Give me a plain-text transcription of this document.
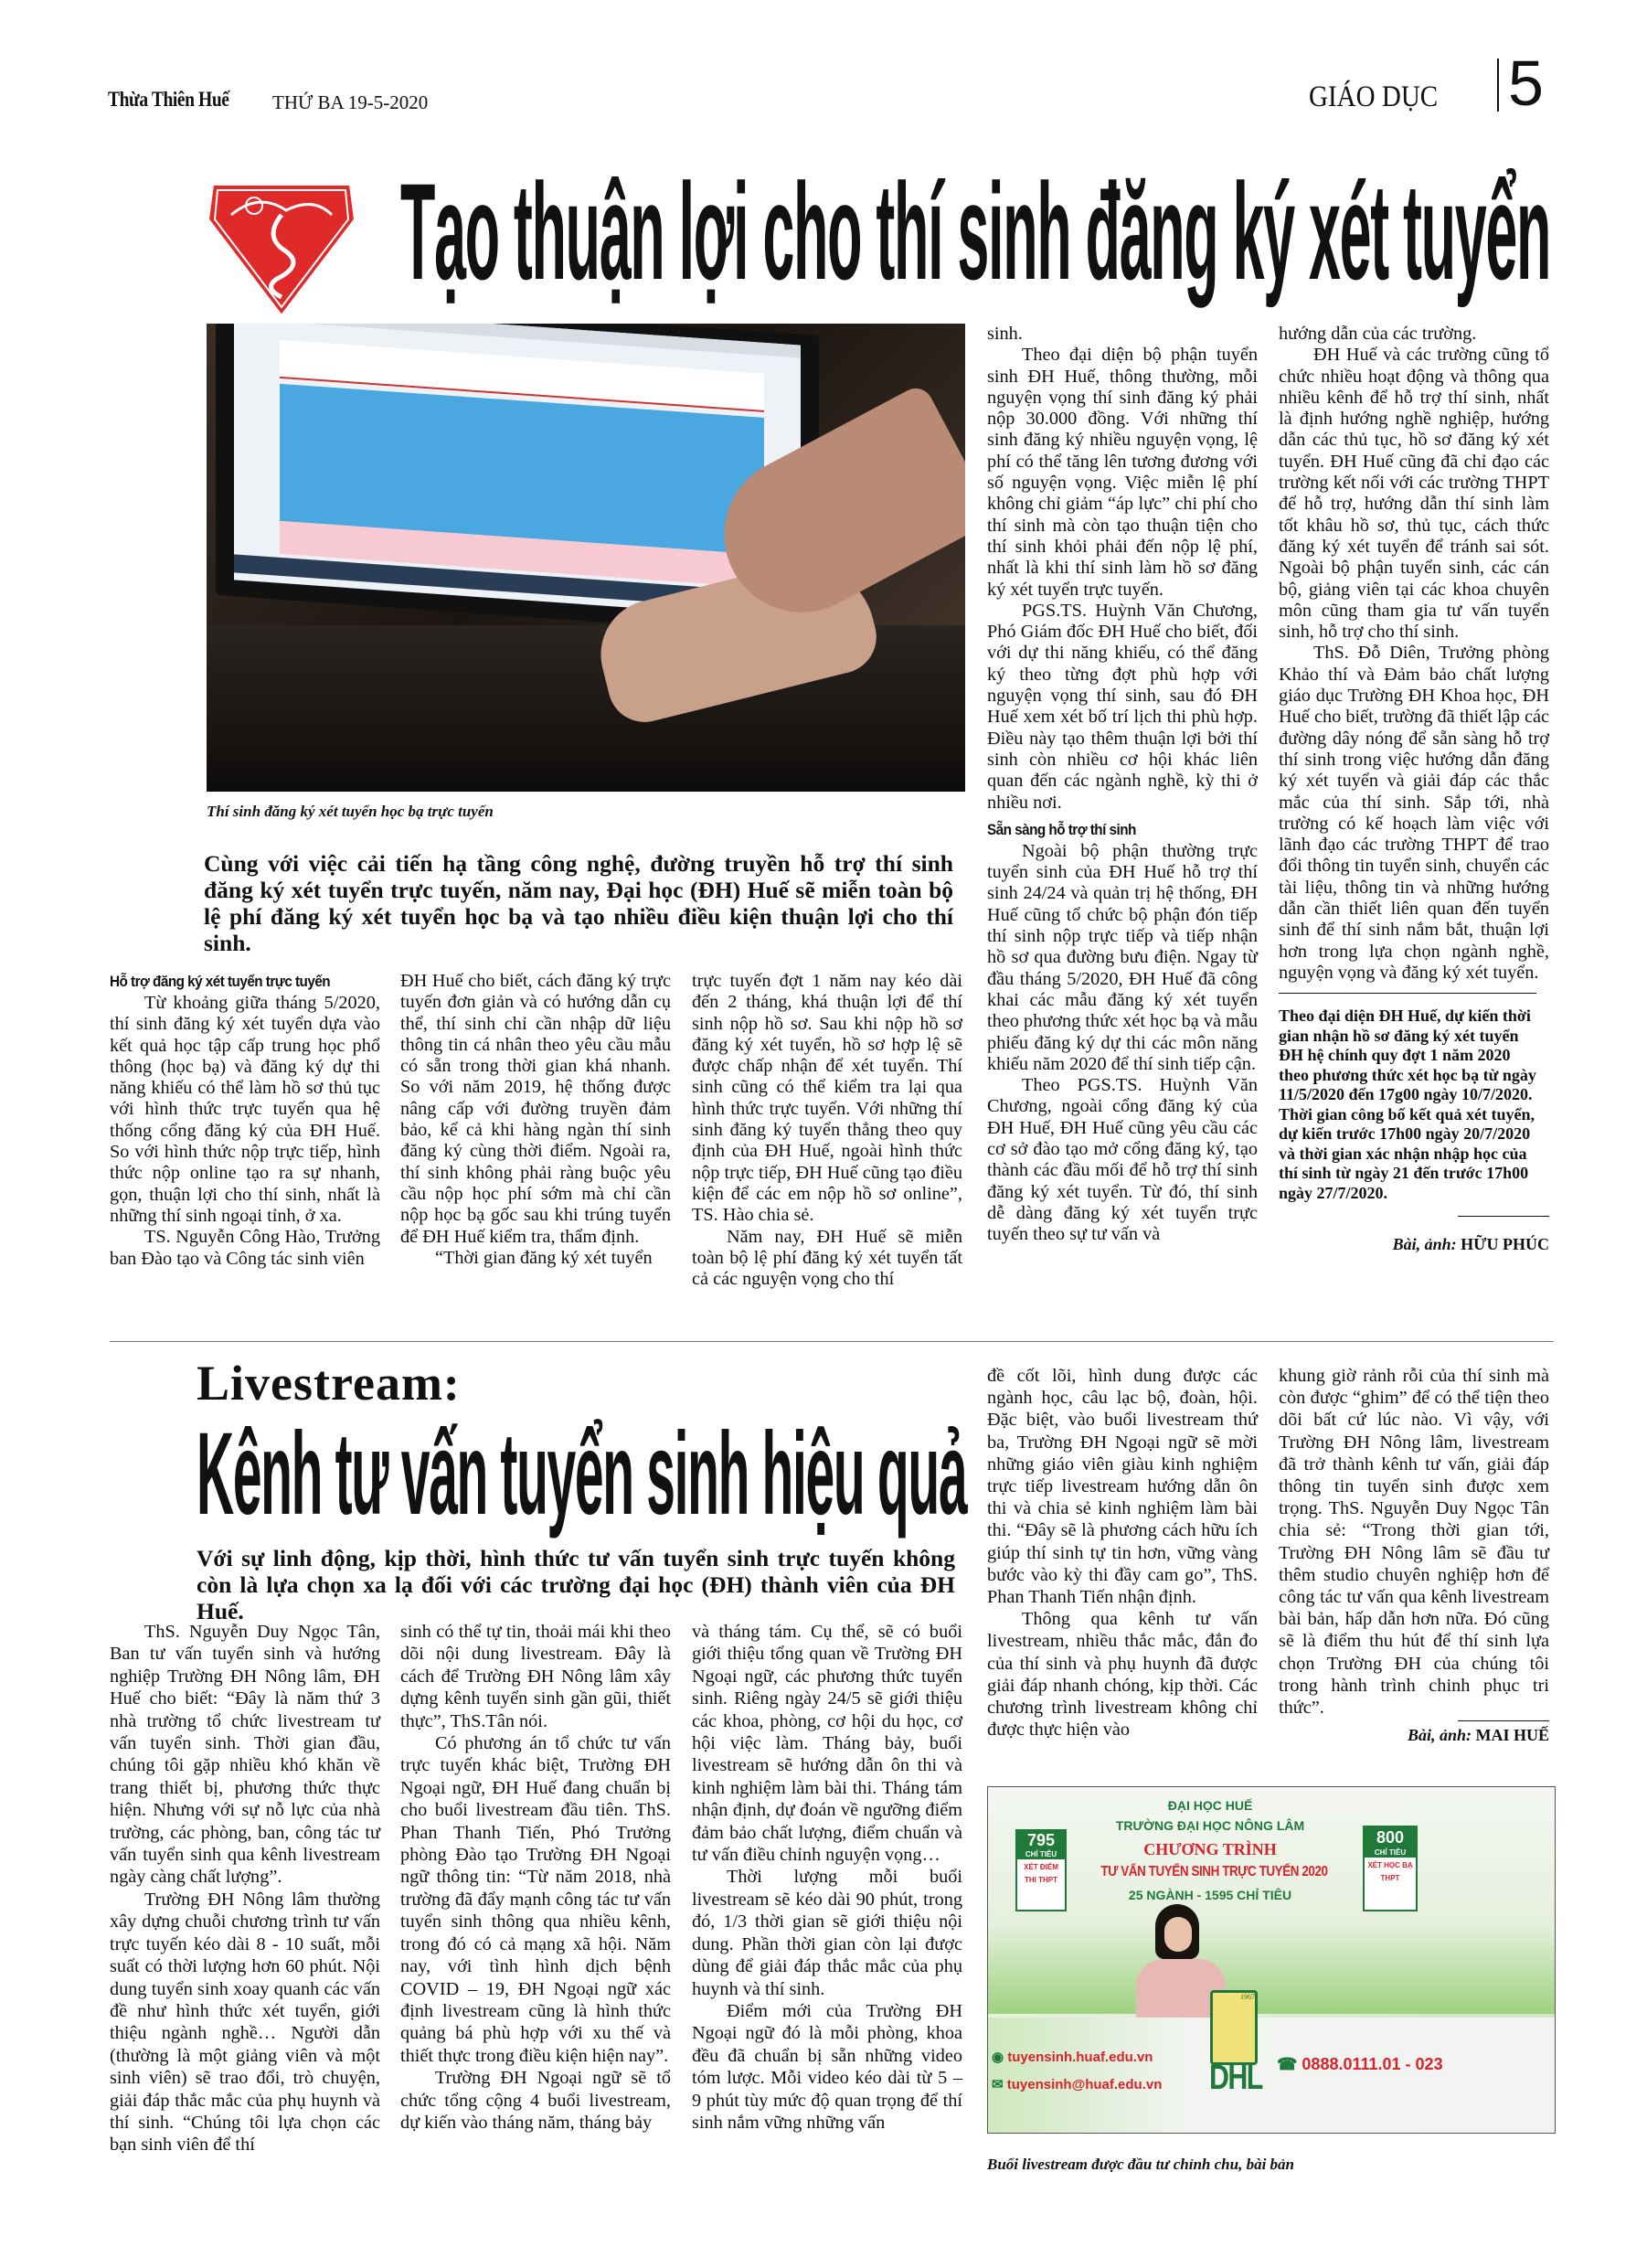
Thừa Thiên Huế THỨ BA 19-5-2020	GIÁO DỤC 5
Tạo thuận lợi cho thí sinh đăng ký xét tuyển
Thí sinh đăng ký xét tuyển học bạ trực tuyến
Cùng với việc cải tiến hạ tầng công nghệ, đường truyền hỗ trợ thí sinh đăng ký xét tuyển trực tuyến, năm nay, Đại học (ĐH) Huế sẽ miễn toàn bộ lệ phí đăng ký xét tuyển học bạ và tạo nhiều điều kiện thuận lợi cho thí sinh.
Hỗ trợ đăng ký xét tuyển trực tuyến

Từ khoảng giữa tháng 5/2020, thí sinh đăng ký xét tuyển dựa vào kết quả học tập cấp trung học phổ thông (học bạ) và đăng ký dự thi năng khiếu có thể làm hồ sơ thủ tục với hình thức trực tuyến qua hệ thống cổng đăng ký của ĐH Huế. So với hình thức nộp trực tiếp, hình thức nộp online tạo ra sự nhanh, gọn, thuận lợi cho thí sinh, nhất là những thí sinh ngoại tỉnh, ở xa.

TS. Nguyễn Công Hào, Trưởng ban Đào tạo và Công tác sinh viên

ĐH Huế cho biết, cách đăng ký trực tuyến đơn giản và có hướng dẫn cụ thể, thí sinh chỉ cần nhập dữ liệu thông tin cá nhân theo yêu cầu mẫu có sẵn trong thời gian khá nhanh. So với năm 2019, hệ thống được nâng cấp với đường truyền đảm bảo, kể cả khi hàng ngàn thí sinh đăng ký cùng thời điểm. Ngoài ra, thí sinh không phải ràng buộc yêu cầu nộp học phí sớm mà chỉ cần nộp học bạ gốc sau khi trúng tuyển để ĐH Huế kiểm tra, thẩm định.

“Thời gian đăng ký xét tuyển

trực tuyến đợt 1 năm nay kéo dài đến 2 tháng, khá thuận lợi để thí sinh nộp hồ sơ. Sau khi nộp hồ sơ đăng ký xét tuyển, hồ sơ hợp lệ sẽ được chấp nhận để xét tuyển. Thí sinh cũng có thể kiểm tra lại qua hình thức trực tuyến. Với những thí sinh đăng ký tuyển thẳng theo quy định của ĐH Huế, ngoài hình thức nộp trực tiếp, ĐH Huế cũng tạo điều kiện để các em nộp hồ sơ online”, TS. Hào chia sẻ.

Năm nay, ĐH Huế sẽ miễn toàn bộ lệ phí đăng ký xét tuyển tất cả các nguyện vọng cho thí

sinh.

Theo đại diện bộ phận tuyển sinh ĐH Huế, thông thường, mỗi nguyện vọng thí sinh đăng ký phải nộp 30.000 đồng. Với những thí sinh đăng ký nhiều nguyện vọng, lệ phí có thể tăng lên tương đương với số nguyện vọng. Việc miễn lệ phí không chỉ giảm “áp lực” chi phí cho thí sinh mà còn tạo thuận tiện cho thí sinh khỏi phải đến nộp lệ phí, nhất là khi thí sinh làm hồ sơ đăng ký xét tuyển trực tuyến.

PGS.TS. Huỳnh Văn Chương, Phó Giám đốc ĐH Huế cho biết, đối với dự thi năng khiếu, có thể đăng ký theo từng đợt phù hợp với nguyện vọng thí sinh, sau đó ĐH Huế xem xét bố trí lịch thi phù hợp. Điều này tạo thêm thuận lợi bởi thí sinh còn nhiều cơ hội khác liên quan đến các ngành nghề, kỳ thi ở nhiều nơi.

Sẵn sàng hỗ trợ thí sinh

Ngoài bộ phận thường trực tuyển sinh của ĐH Huế hỗ trợ thí sinh 24/24 và quản trị hệ thống, ĐH Huế cũng tổ chức bộ phận đón tiếp thí sinh nộp trực tiếp và tiếp nhận hồ sơ qua đường bưu điện. Ngay từ đầu tháng 5/2020, ĐH Huế đã công khai các mẫu đăng ký xét tuyển theo phương thức xét học bạ và mẫu phiếu đăng ký dự thi các môn năng khiếu năm 2020 để thí sinh tiếp cận.

Theo PGS.TS. Huỳnh Văn Chương, ngoài cổng đăng ký của ĐH Huế, ĐH Huế cũng yêu cầu các cơ sở đào tạo mở cổng đăng ký, tạo thành các đầu mối để hỗ trợ thí sinh đăng ký xét tuyển. Từ đó, thí sinh dễ dàng đăng ký xét tuyển trực tuyến theo sự tư vấn và

hướng dẫn của các trường.

ĐH Huế và các trường cũng tổ chức nhiều hoạt động và thông qua nhiều kênh để hỗ trợ thí sinh, nhất là định hướng nghề nghiệp, hướng dẫn các thủ tục, hồ sơ đăng ký xét tuyển. ĐH Huế cũng đã chỉ đạo các trường kết nối với các trường THPT để hỗ trợ, hướng dẫn thí sinh làm tốt khâu hồ sơ, thủ tục, cách thức đăng ký xét tuyển để tránh sai sót. Ngoài bộ phận tuyển sinh, các cán bộ, giảng viên tại các khoa chuyên môn cũng tham gia tư vấn tuyển sinh, hỗ trợ cho thí sinh.

ThS. Đỗ Diên, Trưởng phòng Khảo thí và Đảm bảo chất lượng giáo dục Trường ĐH Khoa học, ĐH Huế cho biết, trường đã thiết lập các đường dây nóng để sẵn sàng hỗ trợ thí sinh trong việc hướng dẫn đăng ký xét tuyển và giải đáp các thắc mắc của thí sinh. Sắp tới, nhà trường có kế hoạch làm việc với lãnh đạo các trường THPT để trao đổi thông tin tuyển sinh, chuyển các tài liệu, thông tin và những hướng dẫn cần thiết liên quan đến tuyển sinh để thí sinh nắm bắt, thuận lợi hơn trong lựa chọn ngành nghề, nguyện vọng và đăng ký xét tuyển.

Theo đại diện ĐH Huế, dự kiến thời gian nhận hồ sơ đăng ký xét tuyển ĐH hệ chính quy đợt 1 năm 2020 theo phương thức xét học bạ từ ngày 11/5/2020 đến 17g00 ngày 10/7/2020. Thời gian công bố kết quả xét tuyển, dự kiến trước 17h00 ngày 20/7/2020 và thời gian xác nhận nhập học của thí sinh từ ngày 21 đến trước 17h00 ngày 27/7/2020.
Bài, ảnh: HỮU PHÚC
Livestream:
Kênh tư vấn tuyển sinh hiệu quả
Với sự linh động, kịp thời, hình thức tư vấn tuyển sinh trực tuyến không còn là lựa chọn xa lạ đối với các trường đại học (ĐH) thành viên của ĐH Huế.

ThS. Nguyễn Duy Ngọc Tân, Ban tư vấn tuyển sinh và hướng nghiệp Trường ĐH Nông lâm, ĐH Huế cho biết: “Đây là năm thứ 3 nhà trường tổ chức livestream tư vấn tuyển sinh. Thời gian đầu, chúng tôi gặp nhiều khó khăn về trang thiết bị, phương thức thực hiện. Nhưng với sự nỗ lực của nhà trường, các phòng, ban, công tác tư vấn tuyển sinh qua kênh livestream ngày càng chất lượng”.

Trường ĐH Nông lâm thường xây dựng chuỗi chương trình tư vấn trực tuyến kéo dài 8 - 10 suất, mỗi suất có thời lượng hơn 60 phút. Nội dung tuyển sinh xoay quanh các vấn đề như hình thức xét tuyển, giới thiệu ngành nghề… Người dẫn (thường là một giảng viên và một sinh viên) sẽ trao đổi, trò chuyện, giải đáp thắc mắc của phụ huynh và thí sinh. “Chúng tôi lựa chọn các bạn sinh viên để thí

sinh có thể tự tin, thoải mái khi theo dõi nội dung livestream. Đây là cách để Trường ĐH Nông lâm xây dựng kênh tuyển sinh gần gũi, thiết thực”, ThS.Tân nói.

Có phương án tổ chức tư vấn trực tuyến khác biệt, Trường ĐH Ngoại ngữ, ĐH Huế đang chuẩn bị cho buổi livestream đầu tiên. ThS. Phan Thanh Tiến, Phó Trưởng phòng Đào tạo Trường ĐH Ngoại ngữ thông tin: “Từ năm 2018, nhà trường đã đẩy mạnh công tác tư vấn tuyển sinh thông qua nhiều kênh, trong đó có cả mạng xã hội. Năm nay, với tình hình dịch bệnh COVID – 19, ĐH Ngoại ngữ xác định livestream cũng là hình thức quảng bá phù hợp với xu thế và thiết thực trong điều kiện hiện nay”.

Trường ĐH Ngoại ngữ sẽ tổ chức tổng cộng 4 buổi livestream, dự kiến vào tháng năm, tháng bảy

và tháng tám. Cụ thể, sẽ có buổi giới thiệu tổng quan về Trường ĐH Ngoại ngữ, các phương thức tuyển sinh. Riêng ngày 24/5 sẽ giới thiệu các khoa, phòng, cơ hội du học, cơ hội việc làm. Tháng bảy, buổi livestream sẽ hướng dẫn ôn thi và kinh nghiệm làm bài thi. Tháng tám nhận định, dự đoán về ngưỡng điểm đảm bảo chất lượng, điểm chuẩn và tư vấn điều chỉnh nguyện vọng…

Thời lượng mỗi buổi livestream sẽ kéo dài 90 phút, trong đó, 1/3 thời gian sẽ giới thiệu nội dung. Phần thời gian còn lại được dùng để giải đáp thắc mắc của phụ huynh và thí sinh.

Điểm mới của Trường ĐH Ngoại ngữ đó là mỗi phòng, khoa đều đã chuẩn bị sẵn những video tóm lược. Mỗi video kéo dài từ 5 – 9 phút tùy mức độ quan trọng để thí sinh nắm vững những vấn

đề cốt lõi, hình dung được các ngành học, câu lạc bộ, đoàn, hội. Đặc biệt, vào buổi livestream thứ ba, Trường ĐH Ngoại ngữ sẽ mời những giáo viên giàu kinh nghiệm trực tiếp livestream hướng dẫn ôn thi và chia sẻ kinh nghiệm làm bài thi. “Đây sẽ là phương cách hữu ích giúp thí sinh tự tin hơn, vững vàng bước vào kỳ thi đầy cam go”, ThS. Phan Thanh Tiến nhận định.

Thông qua kênh tư vấn livestream, nhiều thắc mắc, đắn đo của thí sinh và phụ huynh đã được giải đáp nhanh chóng, kịp thời. Các chương trình livestream không chỉ được thực hiện vào

khung giờ rảnh rỗi của thí sinh mà còn được “ghim” để có thể tiện theo dõi bất cứ lúc nào. Vì vậy, với Trường ĐH Nông lâm, livestream đã trở thành kênh tư vấn, giải đáp thông tin tuyển sinh được xem trọng. ThS. Nguyễn Duy Ngọc Tân chia sẻ: “Trong thời gian tới, Trường ĐH Nông lâm sẽ đầu tư thêm studio chuyên nghiệp hơn để công tác tư vấn qua kênh livestream bài bản, hấp dẫn hơn nữa. Đó cũng sẽ là điểm thu hút để thí sinh lựa chọn Trường ĐH của chúng tôi trong hành trình chinh phục tri thức”.

Bài, ảnh: MAI HUẾ
ĐẠI HỌC HUẾ
TRƯỜNG ĐẠI HỌC NÔNG LÂM
CHƯƠNG TRÌNH
TƯ VẤN TUYỂN SINH TRỰC TUYẾN 2020
25 NGÀNH - 1595 CHỈ TIÊU
795
CHỈ TIÊU
XÉT ĐIỂM THI THPT
800
CHỈ TIÊU
XÉT HỌC BẠ THPT
◉ tuyensinh.huaf.edu.vn
✉ tuyensinh@huaf.edu.vn
1967
DHL ☎ 0888.0111.01 - 023
Buổi livestream được đầu tư chỉnh chu, bài bản
